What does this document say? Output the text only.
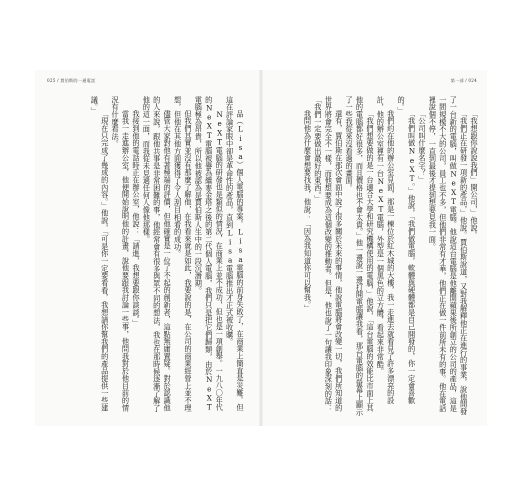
025 / 賈伯斯的一通電話

品（Lisa）個人電腦的專案。Lisa電腦的前身失敗了，在商業上簡直是災難。但這在評論家眼中卻是革命性的產品，直到Lisa電腦推出才正式被收購。

NeXT電腦的研發也是類似的情況，在商業上並不成功，但也是一項創舉。一九八〇年代的NeXT電腦被譽為繼麥金塔之後的第二代個人電腦，我們只是把它們歸類，由於NeXT電腦極為昂貴，所以他被認為是賈伯斯人生中的一段沉潛期。

但我們其實並沒有那麼了解他，在我看來就是如此，我要說的是，在公司的商業經營上並不理想，但他在其他方面獲得了令人刮目相看的成功。

儘管大家對他有著極端的評價，但他確實是一位了不起的創新者，這點無庸置疑。對於認識他的人來說，跟他共事是非常困難的事，他經常會有很多與眾不同的想法，我也在那時候逐漸了解了他的這一面，而我從未見過任何人像他那樣。

我接到他的電話時正在辦公室，他說：「請進，我想要跟你談談。」

當我一走進辦公室，他便開始說明他的計畫，說他要跟我討論一些事，他問我對於他目前的情況有什麼看法。

「現在只完成了幾成的內容。」他說，「可是你一定要看看，我想請你幫我們的產品提供一些建議。」

第一部 / 024

「我想跟你說說我們」開公司，」他說。

「我們正在研發一項新的產品，」他說。賈伯斯說道，又對我解釋他正在進行的事業，說他開發了一台新的電腦，叫做NeXT電腦。他說這台電腦是他離開蘋果後所創立的公司的產品，這是一間規模不大的公司，員工也不多，但他們非常有才華，他們正在做一件前所未有的事。他在電話裡說個不停，一直到最後才提到想要見我一面。

「公司叫什麼名字？」

「我們叫做NeXT。」他說，「我們做電腦，軟體與硬體都是自己開發的，你一定會喜歡的。」

我們約在他的辦公室見面，那是一棟位於紅木城的大樓，我一走進去就看見了許多漂亮的設計，他的辦公室裡有一台NeXT電腦，外型是一個黑色的立方體，看起來非常酷。

「我們想要做的是一台適合大學和研究機構使用的電腦，」他說，「這台電腦的效能比市面上其他的電腦都好很多，而且價格也不會太貴。」他一邊說一邊打開電腦讓我看，那台電腦的螢幕上顯示了一些我從來沒看過的畫面。

還有，賈伯斯在那次會面中說了很多關於未來的事情，他說電腦將會改變一切，我們所知道的世界將會完全不一樣，而他想要成為這個改變的推動者。但是，他也說了一句讓我印象深刻的話：「我們一定要做出最好的東西。」

我問他為什麼會想要找我，他說：「因為我知道你可以幫我。」
